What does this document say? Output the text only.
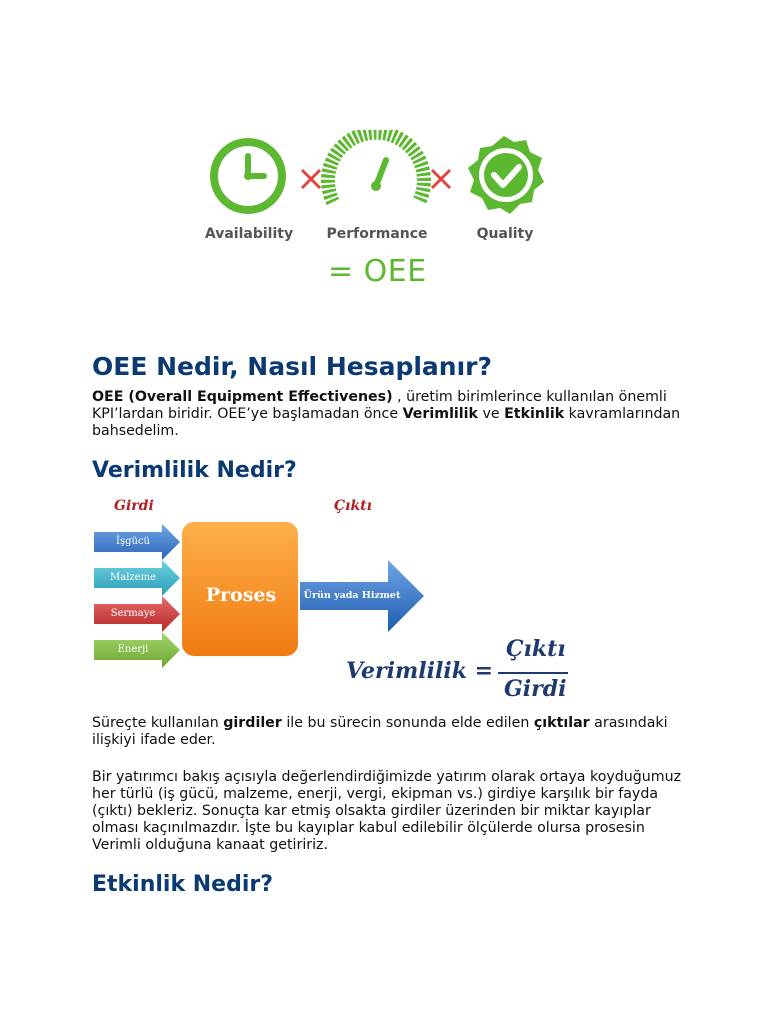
Availability	Performance	Quality
= OEE
OEE Nedir, Nasıl Hesaplanır?

OEE (Overall Equipment Effectivenes) , üretim birimlerince kullanılan önemli KPI’lardan biridir. OEE’ye başlamadan önce Verimlilik ve Etkinlik kavramlarından bahsedelim.

Verimlilik Nedir?
Girdi	Çıktı
İşgücü
Malzeme
Sermaye
Enerji
Proses	Ürün yada Hizmet
Verimlilik =
Çıktı
Girdi

Süreçte kullanılan girdiler ile bu sürecin sonunda elde edilen çıktılar arasındaki ilişkiyi ifade eder.

Bir yatırımcı bakış açısıyla değerlendirdiğimizde yatırım olarak ortaya koyduğumuz her türlü (iş gücü, malzeme, enerji, vergi, ekipman vs.) girdiye karşılık bir fayda (çıktı) bekleriz. Sonuçta kar etmiş olsakta girdiler üzerinden bir miktar kayıplar olması kaçınılmazdır. İşte bu kayıplar kabul edilebilir ölçülerde olursa prosesin Verimli olduğuna kanaat getiririz.

Etkinlik Nedir?
